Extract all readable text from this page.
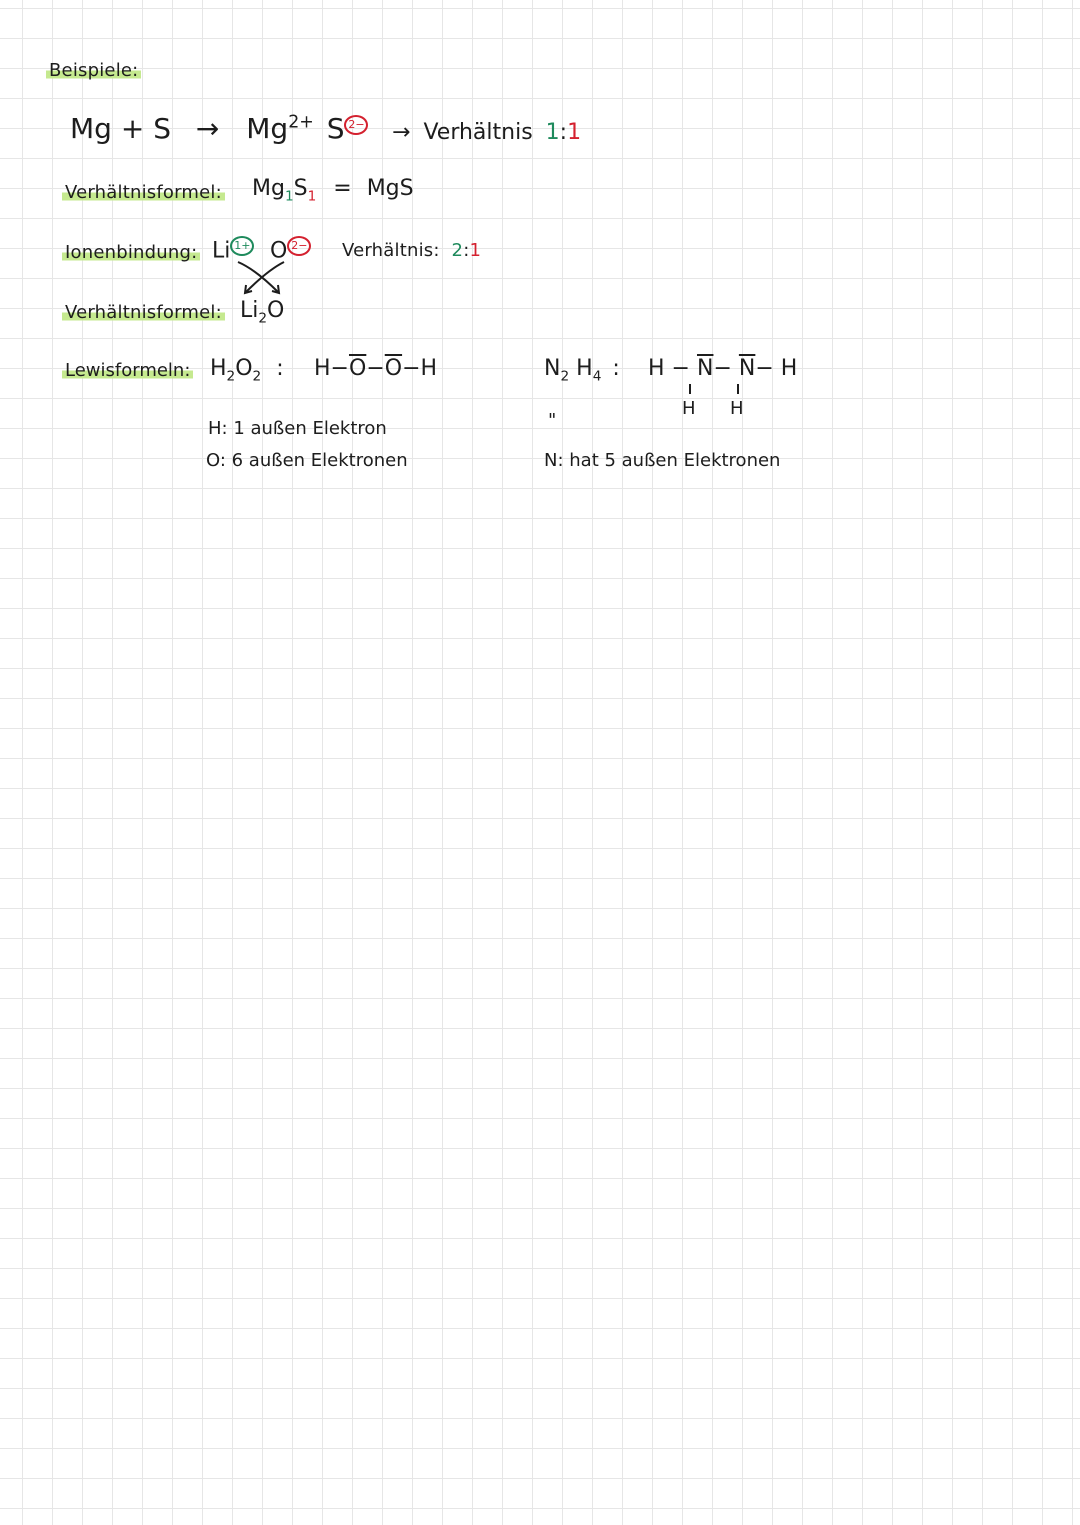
Beispiele:
$Mg + S \to Mg^{2+}$ S 2− → Verhältnis 1:1
Verhältnisformel: $Mg_1S_1$ = MgS
Ionenbindung: Li 1+ O 2− Verhältnis: 2:1
Verhältnisformel: $Li_2O$
Lewisformeln: $H_2O_2$ : $H-\overline{O}-\overline{O}-H$
H: 1 außen Elektron
O: 6 außen Elektronen
$N_2$ $H_4$ : $H - \overline{N}- \overline{N}- H$
H H
"
N: hat 5 außen Elektronen
